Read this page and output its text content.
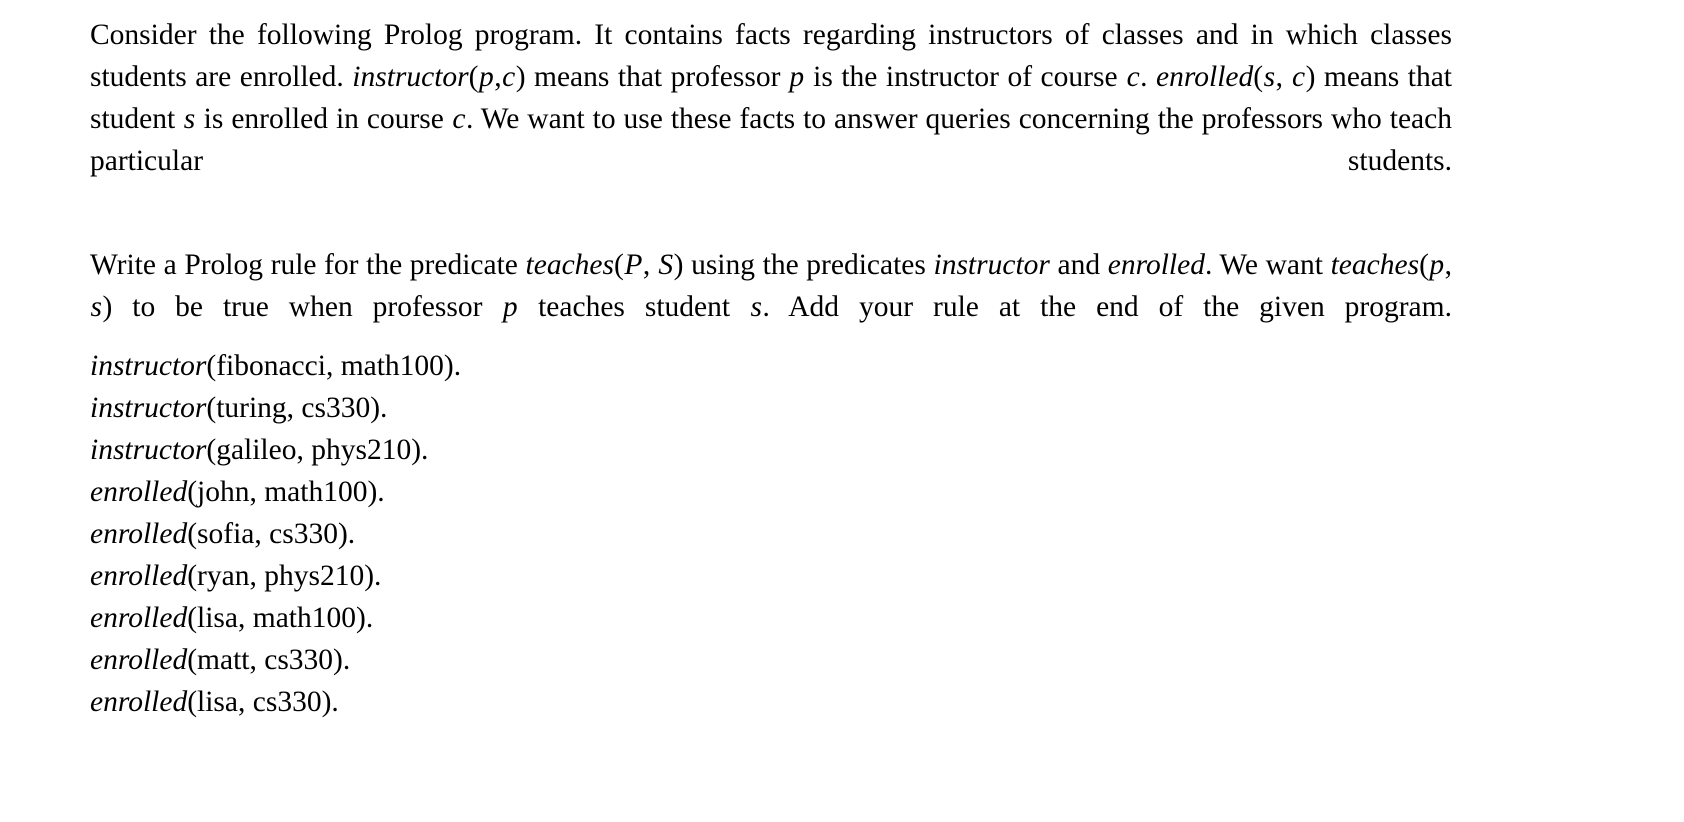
Consider the following Prolog program. It contains facts regarding instructors of classes and in which classes students are enrolled. instructor(p,c) means that professor p is the instructor of course c. enrolled(s, c) means that student s is enrolled in course c. We want to use these facts to answer queries concerning the professors who teach particular students.

Write a Prolog rule for the predicate teaches(P, S) using the predicates instructor and enrolled. We want teaches(p, s) to be true when professor p teaches student s. Add your rule at the end of the given program.

instructor(fibonacci, math100).
instructor(turing, cs330).
instructor(galileo, phys210).
enrolled(john, math100).
enrolled(sofia, cs330).
enrolled(ryan, phys210).
enrolled(lisa, math100).
enrolled(matt, cs330).
enrolled(lisa, cs330).
